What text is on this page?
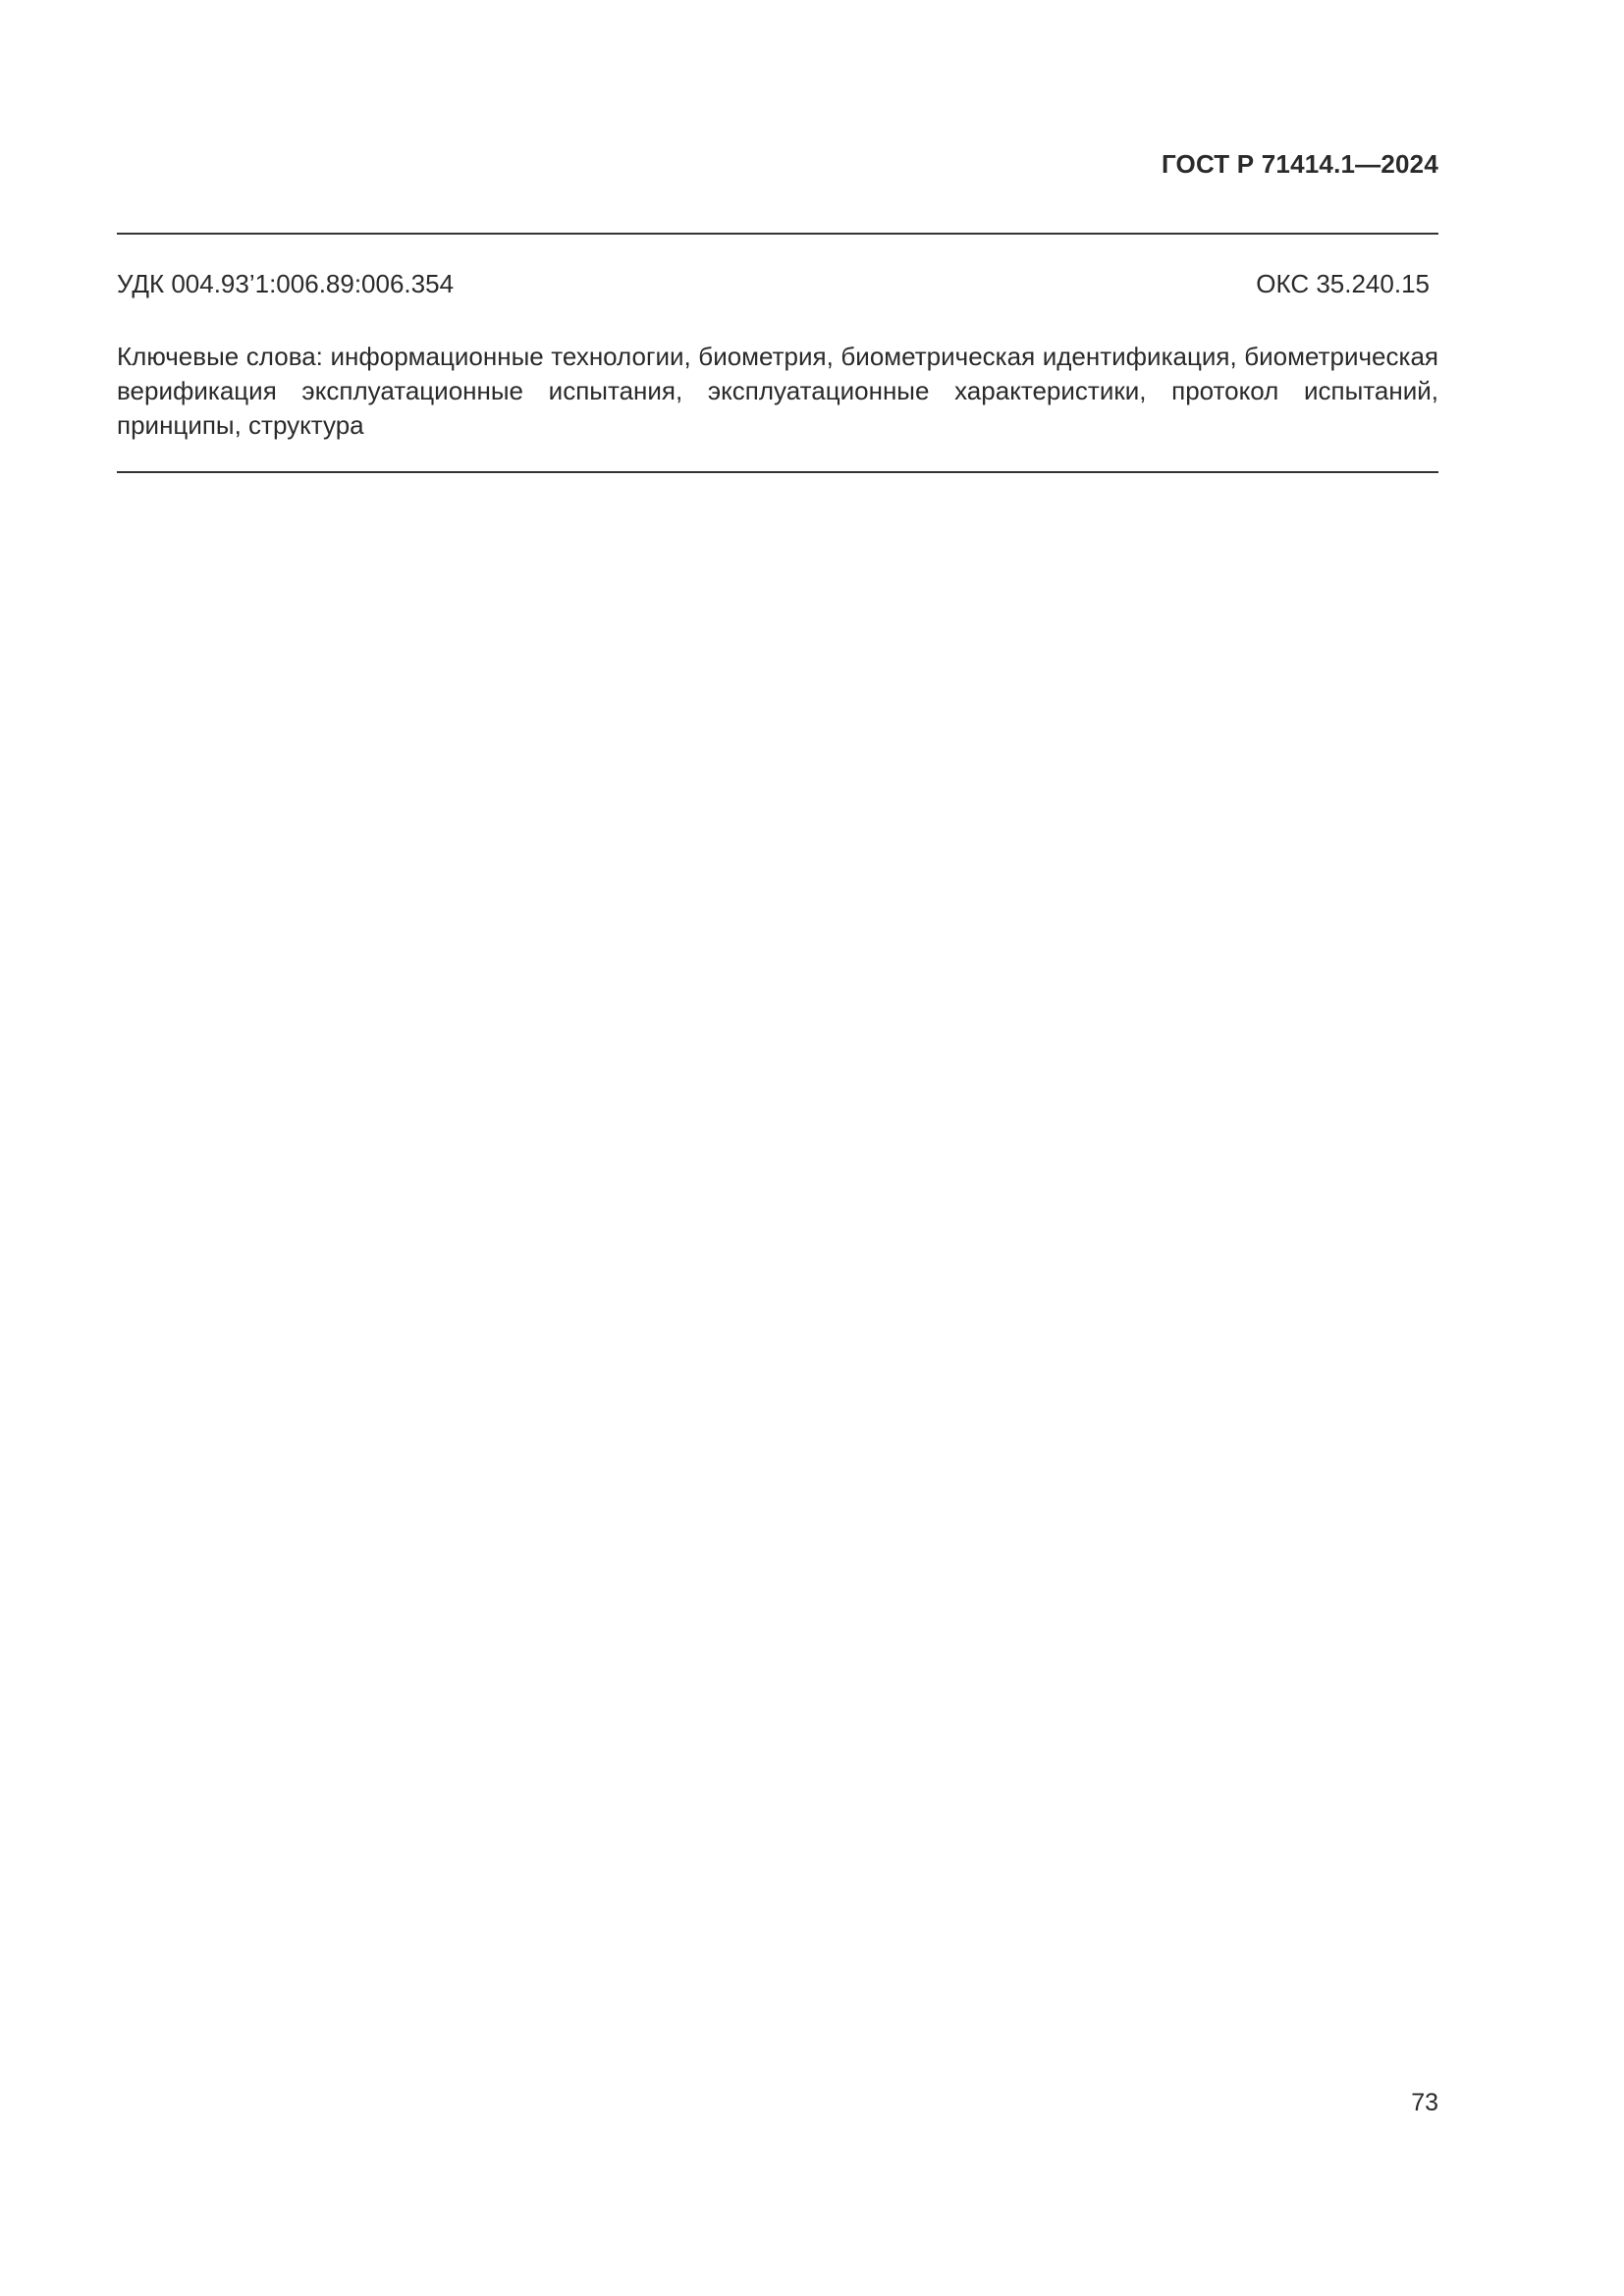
ГОСТ Р 71414.1—2024
УДК 004.93’1:006.89:006.354	ОКС 35.240.15

Ключевые слова: информационные технологии, биометрия, биометрическая идентификация, биометрическая верификация эксплуатационные испытания, эксплуатационные характеристики, протокол испытаний, принципы, структура

73
